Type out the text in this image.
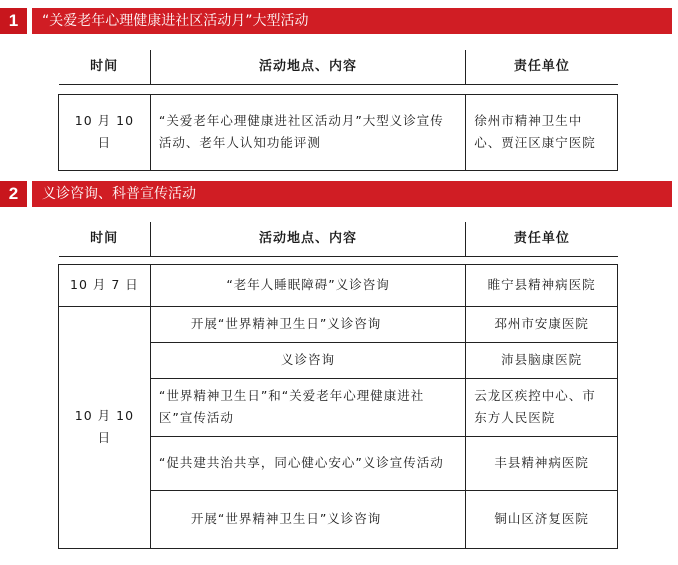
1	“关爱老年心理健康进社区活动月”大型活动
时间	活动地点、内容	责任单位

10 月 10 日	“关爱老年心理健康进社区活动月”大型义诊宣传活动、老年人认知功能评测	徐州市精神卫生中心、贾汪区康宁医院
2	义诊咨询、科普宣传活动
时间	活动地点、内容	责任单位

10 月 7 日	“老年人睡眠障碍”义诊咨询	睢宁县精神病医院
10 月 10 日	开展“世界精神卫生日”义诊咨询	邳州市安康医院
	义诊咨询	沛县脑康医院
	“世界精神卫生日”和“关爱老年心理健康进社区”宣传活动	云龙区疾控中心、市东方人民医院
	“促共建共治共享，同心健心安心”义诊宣传活动	丰县精神病医院
	开展“世界精神卫生日”义诊咨询	铜山区济复医院
